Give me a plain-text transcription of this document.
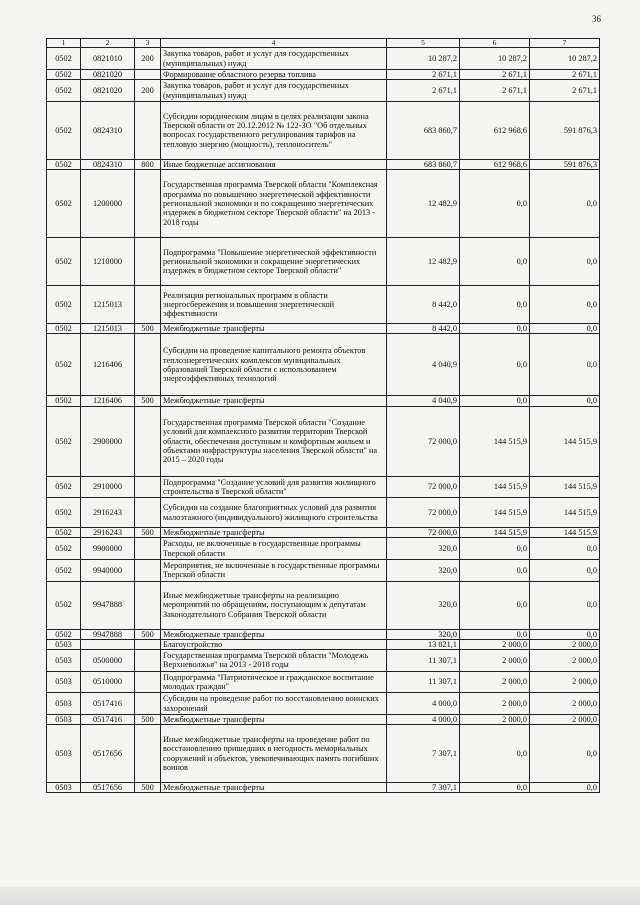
36
1	2	3	4	5	6	7
0502	0821010	200	Закупка товаров, работ и услуг для государственных (муниципальных) нужд	10 287,2	10 287,2	10 287,2
0502	0821020		Формирование областного резерва топлива	2 671,1	2 671,1	2 671,1
0502	0821020	200	Закупка товаров, работ и услуг для государственных (муниципальных) нужд	2 671,1	2 671,1	2 671,1
0502	0824310		Субсидии юридическим лицам в целях реализации закона Тверской области от 20.12.2012 № 122-ЗО "Об отдельных вопросах государственного регулирования тарифов на тепловую энергию (мощность), теплоноситель"	683 860,7	612 968,6	591 876,3
0502	0824310	800	Иные бюджетные ассигнования	683 860,7	612 968,6	591 876,3
0502	1200000		Государственная программа Тверской области "Комплексная программа по повышению энергетической эффективности региональной экономики и по сокращению энергетических издержек в бюджетном секторе Тверской области" на 2013 - 2018 годы	12 482,9	0,0	0,0
0502	1210000		Подпрограмма "Повышение энергетической эффективности региональной экономики и сокращение энергетических издержек в бюджетном секторе Тверской области"	12 482,9	0,0	0,0
0502	1215013		Реализация региональных программ в области энергосбережения и повышения энергетической эффективности	8 442,0	0,0	0,0
0502	1215013	500	Межбюджетные трансферты	8 442,0	0,0	0,0
0502	1216406		Субсидии на проведение капитального ремонта объектов теплоэнергетических комплексов муниципальных образований Тверской области с использованием энергоэффективных технологий	4 040,9	0,0	0,0
0502	1216406	500	Межбюджетные трансферты	4 040,9	0,0	0,0
0502	2900000		Государственная программа Тверской области "Создание условий для комплексного развития территории Тверской области, обеспечения доступным и комфортным жильем и объектами инфраструктуры населения Тверской области" на 2015 – 2020 годы	72 000,0	144 515,9	144 515,9
0502	2910000		Подпрограмма "Создание условий для развития жилищного строительства в Тверской области"	72 000,0	144 515,9	144 515,9
0502	2916243		Субсидии на создание благоприятных условий для развития малоэтажного (индивидуального) жилищного строительства	72 000,0	144 515,9	144 515,9
0502	2916243	500	Межбюджетные трансферты	72 000,0	144 515,9	144 515,9
0502	9900000		Расходы, не включенные в государственные программы Тверской области	320,0	0,0	0,0
0502	9940000		Мероприятия, не включенные в государственные программы Тверской области	320,0	0,0	0,0
0502	9947888		Иные межбюджетные трансферты на реализацию мероприятий по обращениям, поступающим к депутатам Законодательного Собрания Тверской области	320,0	0,0	0,0
0502	9947888	500	Межбюджетные трансферты	320,0	0,0	0,0
0503			Благоустройство	13 821,1	2 000,0	2 000,0
0503	0500000		Государственная программа Тверской области "Молодежь Верхневолжья" на 2013 - 2018 годы	11 307,1	2 000,0	2 000,0
0503	0510000		Подпрограмма "Патриотическое и гражданское воспитание молодых граждан"	11 307,1	2 000,0	2 000,0
0503	0517416		Субсидии на проведение работ по восстановлению воинских захоронений	4 000,0	2 000,0	2 000,0
0503	0517416	500	Межбюджетные трансферты	4 000,0	2 000,0	2 000,0
0503	0517656		Иные межбюджетные трансферты на проведение работ по восстановлению пришедших в негодность мемориальных сооружений и объектов, увековечивающих память погибших воинов	7 307,1	0,0	0,0
0503	0517656	500	Межбюджетные трансферты	7 307,1	0,0	0,0
